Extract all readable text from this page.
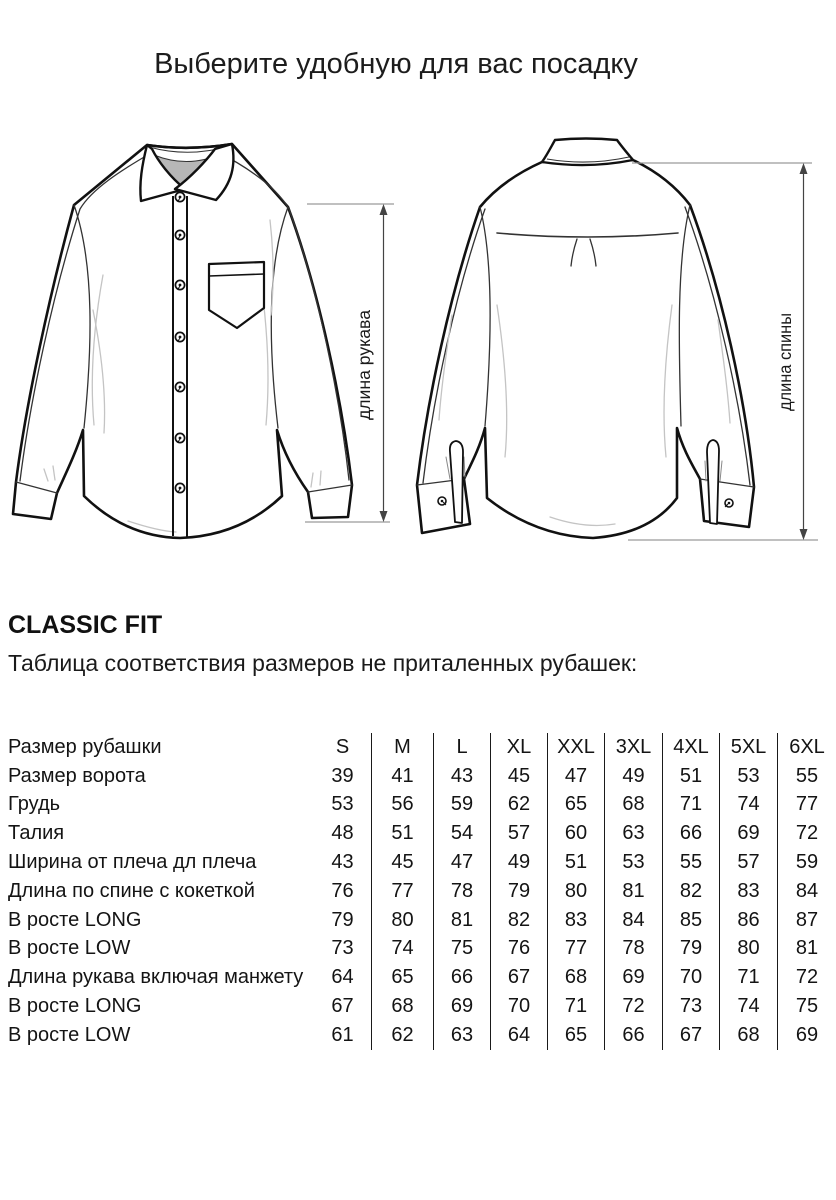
Выберите удобную для вас посадку
длина рукава	длина спины
CLASSIC FIT

Таблица соответствия размеров не приталенных рубашек:

Размер рубашки	S	M	L	XL	XXL	3XL	4XL	5XL	6XL
Размер ворота	39	41	43	45	47	49	51	53	55
Грудь	53	56	59	62	65	68	71	74	77
Талия	48	51	54	57	60	63	66	69	72
Ширина от плеча дл плеча	43	45	47	49	51	53	55	57	59
Длина по спине с кокеткой	76	77	78	79	80	81	82	83	84
В росте LONG	79	80	81	82	83	84	85	86	87
В росте LOW	73	74	75	76	77	78	79	80	81
Длина рукава включая манжету	64	65	66	67	68	69	70	71	72
В росте LONG	67	68	69	70	71	72	73	74	75
В росте LOW	61	62	63	64	65	66	67	68	69
